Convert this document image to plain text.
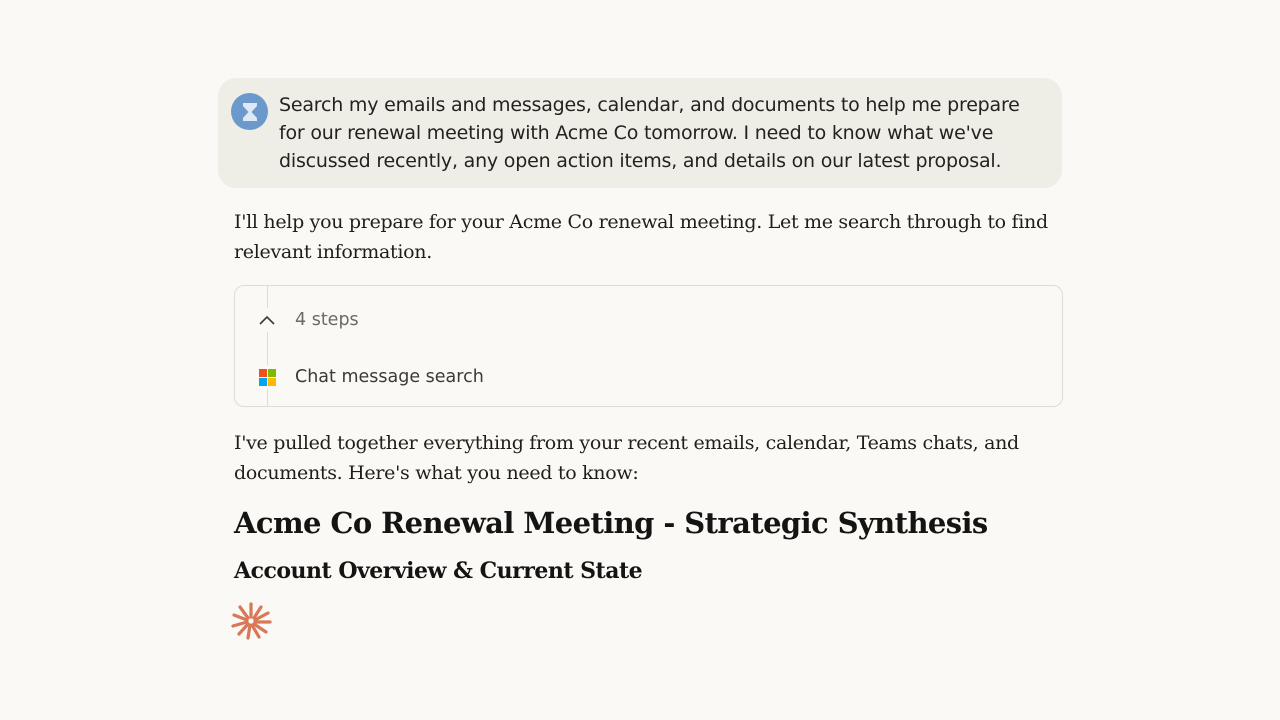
Search my emails and messages, calendar, and documents to help me prepare for our renewal meeting with Acme Co tomorrow. I need to know what we've discussed recently, any open action items, and details on our latest proposal.
I'll help you prepare for your Acme Co renewal meeting. Let me search through to find relevant information.
4 steps
Chat message search
I've pulled together everything from your recent emails, calendar, Teams chats, and documents. Here's what you need to know:
Acme Co Renewal Meeting - Strategic Synthesis
Account Overview & Current State
